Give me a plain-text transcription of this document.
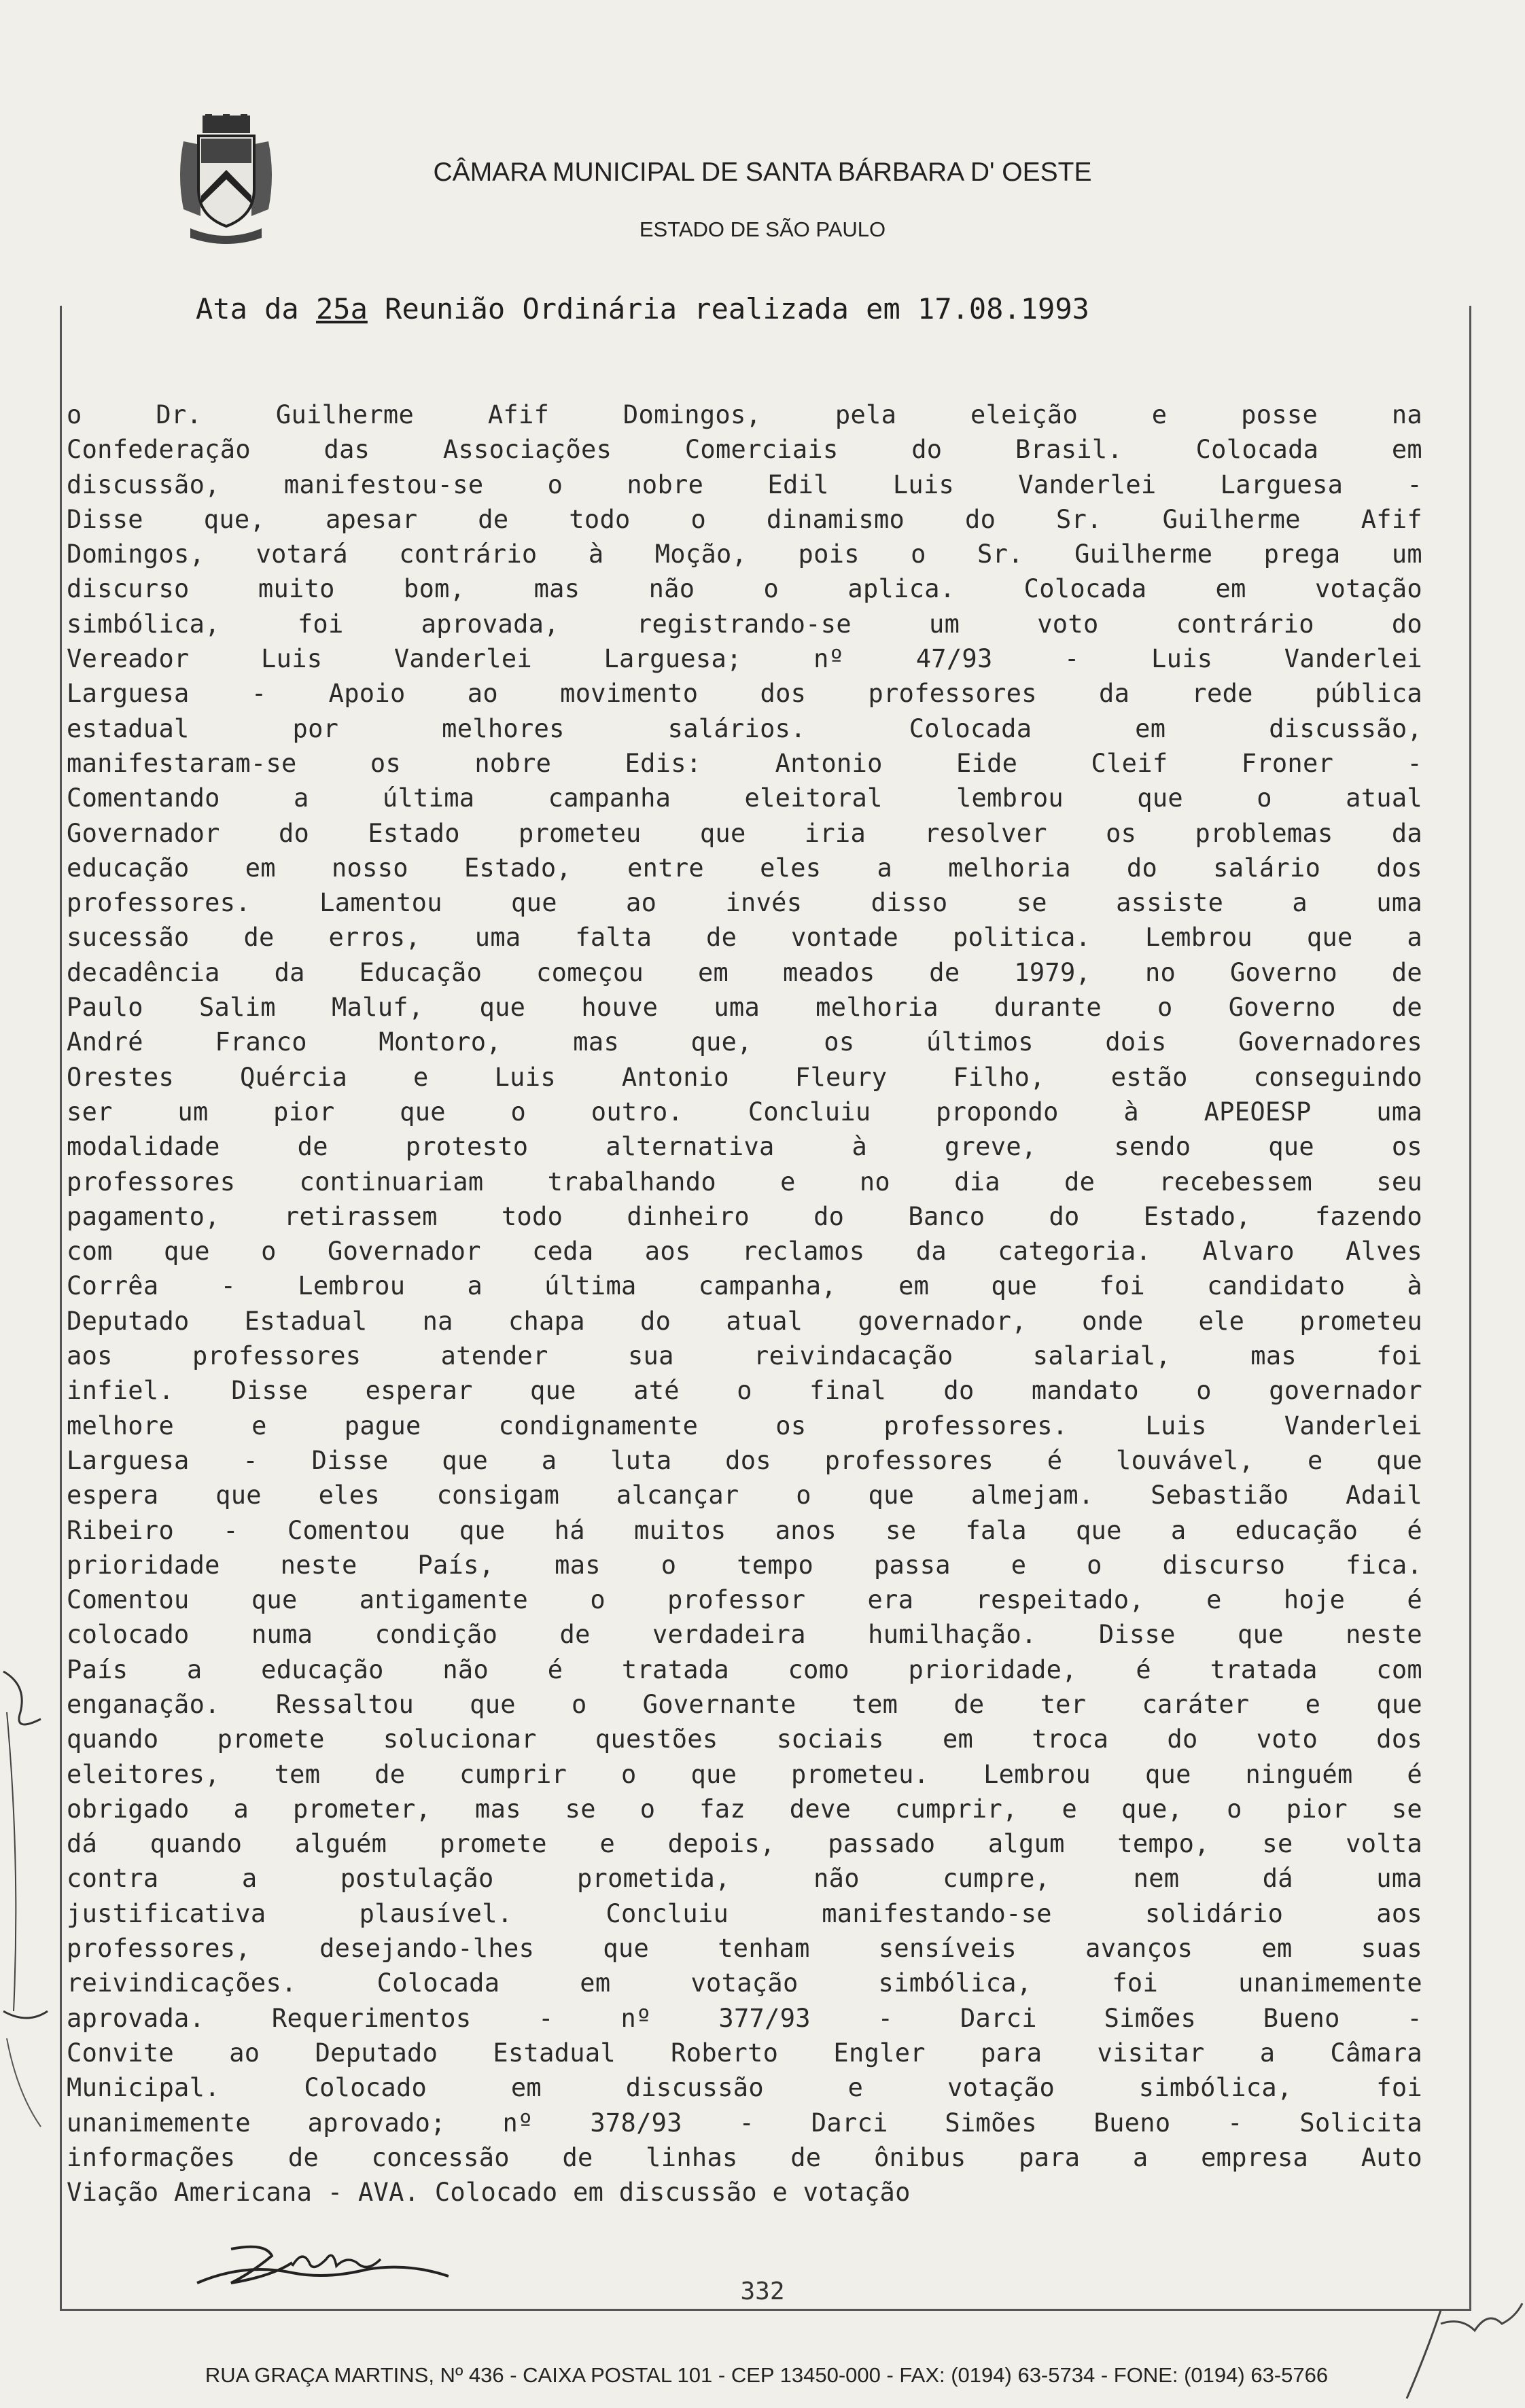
CÂMARA MUNICIPAL DE SANTA BÁRBARA D' OESTE
ESTADO DE SÃO PAULO
Ata da 25a Reunião Ordinária realizada em 17.08.1993
o Dr. Guilherme Afif Domingos, pela eleição e posse na
Confederação das Associações Comerciais do Brasil. Colocada em
discussão, manifestou-se o nobre Edil Luis Vanderlei Larguesa -
Disse que, apesar de todo o dinamismo do Sr. Guilherme Afif
Domingos, votará contrário à Moção, pois o Sr. Guilherme prega um
discurso muito bom, mas não o aplica. Colocada em votação
simbólica, foi aprovada, registrando-se um voto contrário do
Vereador Luis Vanderlei Larguesa; nº 47/93 - Luis Vanderlei
Larguesa - Apoio ao movimento dos professores da rede pública
estadual por melhores salários. Colocada em discussão,
manifestaram-se os nobre Edis: Antonio Eide Cleif Froner -
Comentando a última campanha eleitoral lembrou que o atual
Governador do Estado prometeu que iria resolver os problemas da
educação em nosso Estado, entre eles a melhoria do salário dos
professores. Lamentou que ao invés disso se assiste a uma
sucessão de erros, uma falta de vontade politica. Lembrou que a
decadência da Educação começou em meados de 1979, no Governo de
Paulo Salim Maluf, que houve uma melhoria durante o Governo de
André Franco Montoro, mas que, os últimos dois Governadores
Orestes Quércia e Luis Antonio Fleury Filho, estão conseguindo
ser um pior que o outro. Concluiu propondo à APEOESP uma
modalidade de protesto alternativa à greve, sendo que os
professores continuariam trabalhando e no dia de recebessem seu
pagamento, retirassem todo dinheiro do Banco do Estado, fazendo
com que o Governador ceda aos reclamos da categoria. Alvaro Alves
Corrêa - Lembrou a última campanha, em que foi candidato à
Deputado Estadual na chapa do atual governador, onde ele prometeu
aos professores atender sua reivindacação salarial, mas foi
infiel. Disse esperar que até o final do mandato o governador
melhore e pague condignamente os professores. Luis Vanderlei
Larguesa - Disse que a luta dos professores é louvável, e que
espera que eles consigam alcançar o que almejam. Sebastião Adail
Ribeiro - Comentou que há muitos anos se fala que a educação é
prioridade neste País, mas o tempo passa e o discurso fica.
Comentou que antigamente o professor era respeitado, e hoje é
colocado numa condição de verdadeira humilhação. Disse que neste
País a educação não é tratada como prioridade, é tratada com
enganação. Ressaltou que o Governante tem de ter caráter e que
quando promete solucionar questões sociais em troca do voto dos
eleitores, tem de cumprir o que prometeu. Lembrou que ninguém é
obrigado a prometer, mas se o faz deve cumprir, e que, o pior se
dá quando alguém promete e depois, passado algum tempo, se volta
contra a postulação prometida, não cumpre, nem dá uma
justificativa plausível. Concluiu manifestando-se solidário aos
professores, desejando-lhes que tenham sensíveis avanços em suas
reivindicações. Colocada em votação simbólica, foi unanimemente
aprovada. Requerimentos - nº 377/93 - Darci Simões Bueno -
Convite ao Deputado Estadual Roberto Engler para visitar a Câmara
Municipal. Colocado em discussão e votação simbólica, foi
unanimemente aprovado; nº 378/93 - Darci Simões Bueno - Solicita
informações de concessão de linhas de ônibus para a empresa Auto
Viação Americana - AVA. Colocado em discussão e votação
332
RUA GRAÇA MARTINS, Nº 436 - CAIXA POSTAL 101 - CEP 13450-000 - FAX: (0194) 63-5734 - FONE: (0194) 63-5766
